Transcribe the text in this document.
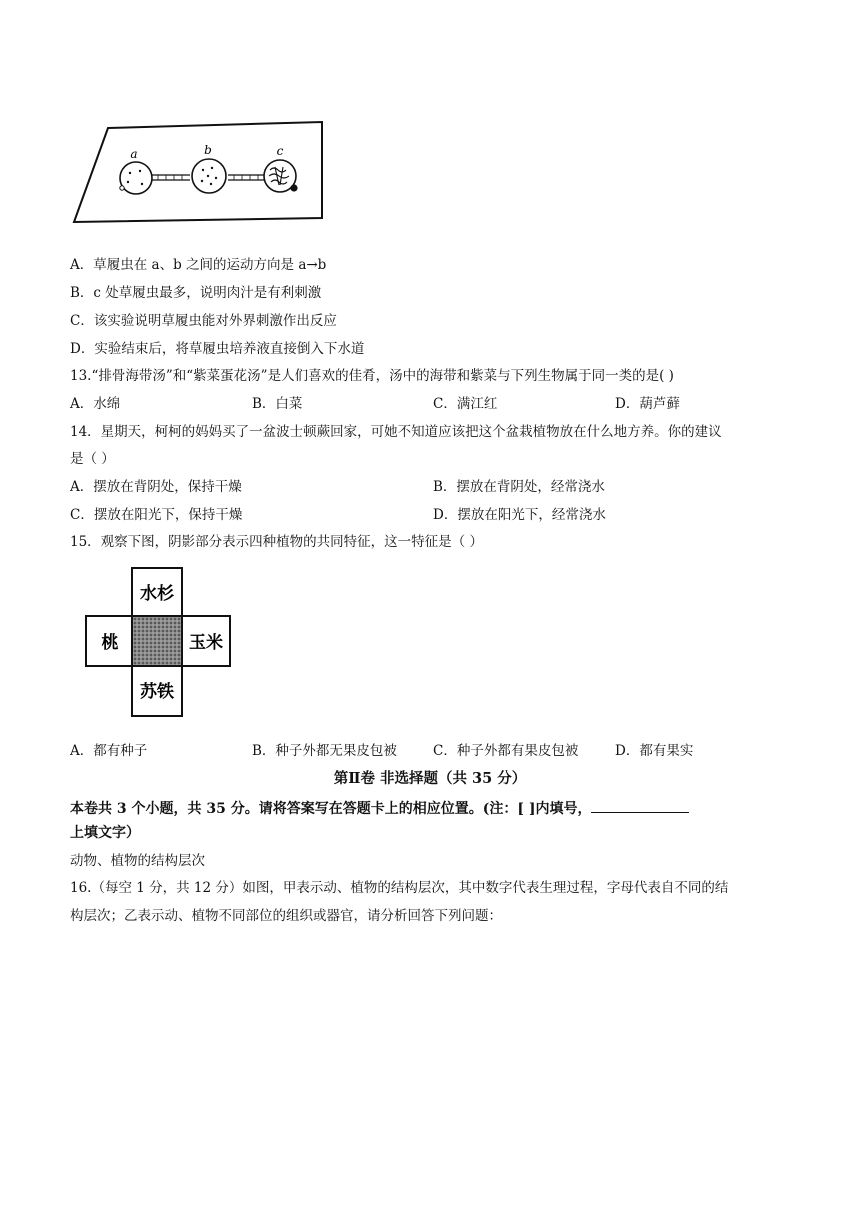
a	b	c
A．草履虫在 a、b 之间的运动方向是 a→b
B．c 处草履虫最多，说明肉汁是有利刺激
C．该实验说明草履虫能对外界刺激作出反应
D．实验结束后，将草履虫培养液直接倒入下水道
13.“排骨海带汤”和“紫菜蛋花汤”是人们喜欢的佳肴，汤中的海带和紫菜与下列生物属于同一类的是( )
A．水绵	B．白菜	C．满江红	D．葫芦藓
14．星期天，柯柯的妈妈买了一盆波士顿蕨回家，可她不知道应该把这个盆栽植物放在什么地方养。你的建议
是（ ）
A．摆放在背阴处，保持干燥	B．摆放在背阴处，经常浇水
C．摆放在阳光下，保持干燥	D．摆放在阳光下，经常浇水
15．观察下图，阴影部分表示四种植物的共同特征，这一特征是（ ）
水杉
桃	玉米
苏铁
A．都有种子	B．种子外都无果皮包被	C．种子外都有果皮包被	D．都有果实
第Ⅱ卷 非选择题（共 35 分）
本卷共 3 个小题，共 35 分。请将答案写在答题卡上的相应位置。(注：[ ]内填号，
上填文字）
动物、植物的结构层次
16.（每空 1 分，共 12 分）如图，甲表示动、植物的结构层次，其中数字代表生理过程，字母代表自不同的结
构层次；乙表示动、植物不同部位的组织或器官，请分析回答下列问题：
